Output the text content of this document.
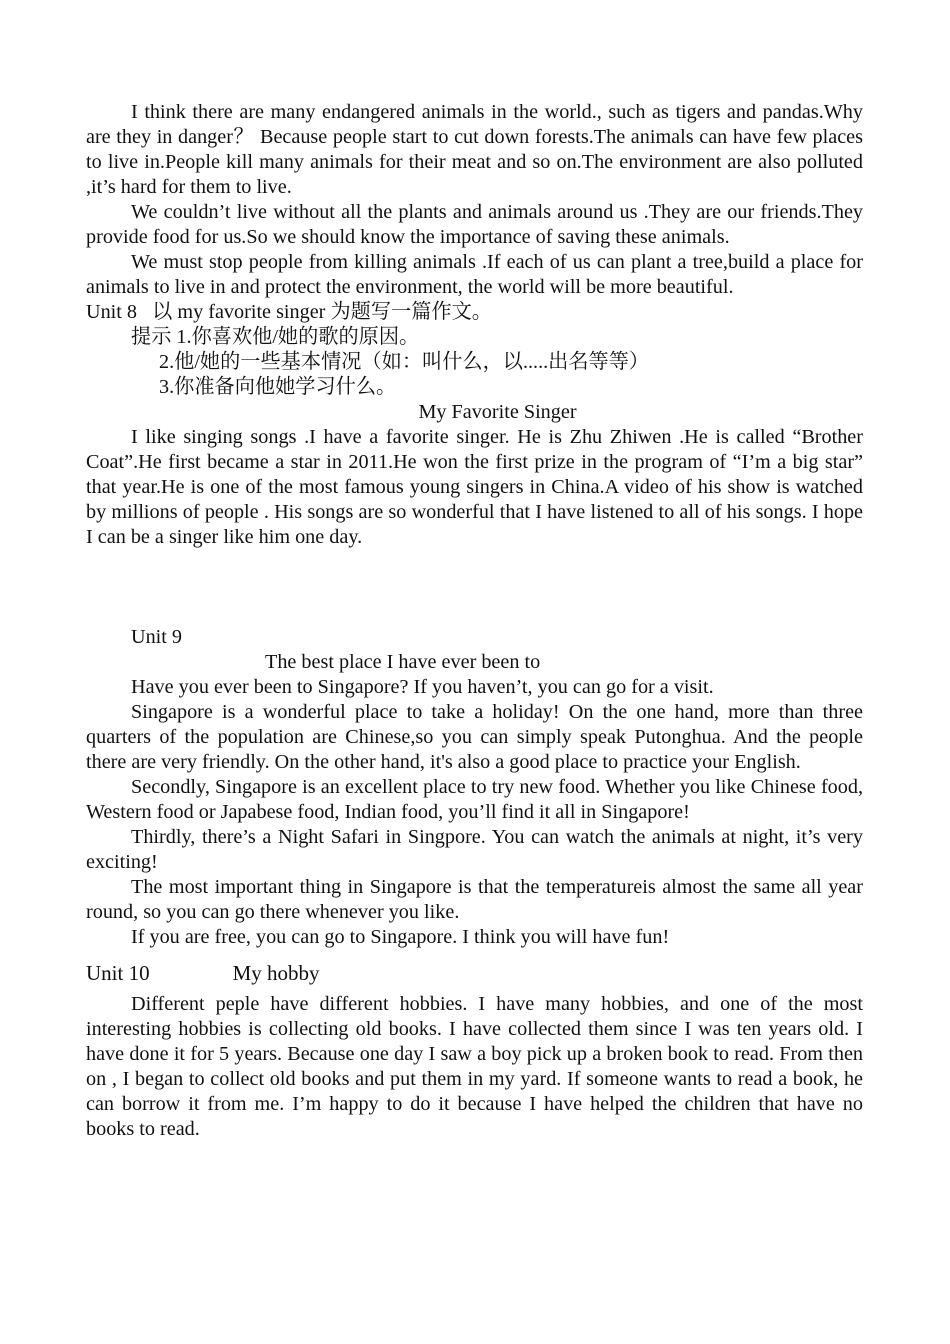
I think there are many endangered animals in the world., such as tigers and pandas.Why are they in danger？ Because people start to cut down forests.The animals can have few places to live in.People kill many animals for their meat and so on.The environment are also polluted ,it’s hard for them to live.

We couldn’t live without all the plants and animals around us .They are our friends.They provide food for us.So we should know the importance of saving these animals.

We must stop people from killing animals .If each of us can plant a tree,build a place for animals to live in and protect the environment, the world will be more beautiful.

Unit 8   以 my favorite singer 为题写一篇作文。

提示 1.你喜欢他/她的歌的原因。

2.他/她的一些基本情况（如：叫什么，以.....出名等等）

3.你准备向他她学习什么。

My Favorite Singer

I like singing songs .I have a favorite singer. He is Zhu Zhiwen .He is called “Brother Coat”.He first became a star in 2011.He won the first prize in the program of “I’m a big star” that year.He is one of the most famous young singers in China.A video of his show is watched by millions of people . His songs are so wonderful that I have listened to all of his songs. I hope I can be a singer like him one day.

Unit 9

The best place I have ever been to

Have you ever been to Singapore? If you haven’t, you can go for a visit.

Singapore is a wonderful place to take a holiday! On the one hand, more than three quarters of the population are Chinese,so you can simply speak Putonghua. And the people there are very friendly. On the other hand, it's also a good place to practice your English.

Secondly, Singapore is an excellent place to try new food. Whether you like Chinese food, Western food or Japabese food, Indian food, you’ll find it all in Singapore!

Thirdly, there’s a Night Safari in Singpore. You can watch the animals at night, it’s very exciting!

The most important thing in Singapore is that the temperatureis almost the same all year round, so you can go there whenever you like.

If you are free, you can go to Singapore. I think you will have fun!

Unit 10	My hobby

Different peple have different hobbies. I have many hobbies, and one of the most interesting hobbies is collecting old books. I have collected them since I was ten years old. I have done it for 5 years. Because one day I saw a boy pick up a broken book to read. From then on , I began to collect old books and put them in my yard. If someone wants to read a book, he can borrow it from me. I’m happy to do it because I have helped the children that have no books to read.
